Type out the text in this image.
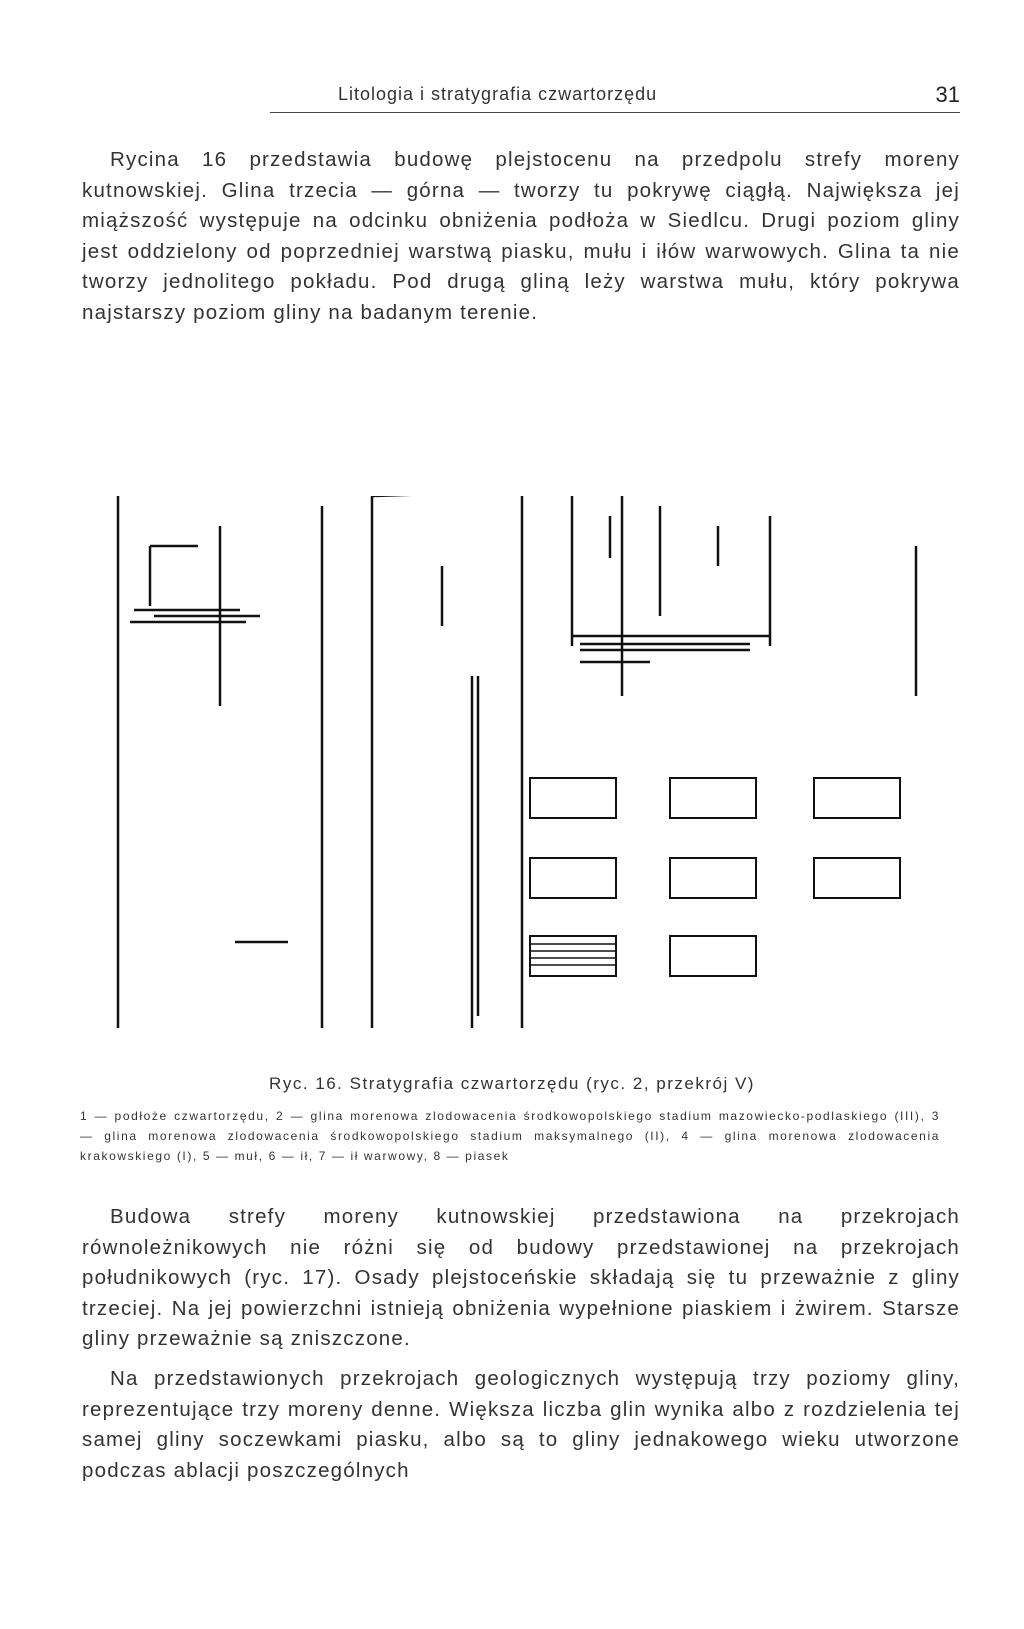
Litologia i stratygrafia czwartorzędu	31

Rycina 16 przedstawia budowę plejstocenu na przedpolu strefy moreny kutnowskiej. Glina trzecia — górna — tworzy tu pokrywę ciągłą. Największa jej miąższość występuje na odcinku obniżenia podłoża w Siedlcu. Drugi poziom gliny jest oddzielony od poprzedniej warstwą piasku, mułu i iłów warwowych. Glina ta nie tworzy jednolitego pokładu. Pod drugą gliną leży warstwa mułu, który pokrywa najstarszy poziom gliny na badanym terenie.

Ryc. 16. Stratygrafia czwartorzędu (ryc. 2, przekrój V)

1 — podłoże czwartorzędu, 2 — glina morenowa zlodowacenia środkowopolskiego stadium mazowiecko-podlaskiego (III), 3 — glina morenowa zlodowacenia środkowopolskiego stadium maksymalnego (II), 4 — glina morenowa zlodowacenia krakowskiego (I), 5 — muł, 6 — ił, 7 — ił warwowy, 8 — piasek

Budowa strefy moreny kutnowskiej przedstawiona na przekrojach równoleżnikowych nie różni się od budowy przedstawionej na przekrojach południkowych (ryc. 17). Osady plejstoceńskie składają się tu przeważnie z gliny trzeciej. Na jej powierzchni istnieją obniżenia wypełnione piaskiem i żwirem. Starsze gliny przeważnie są zniszczone.

Na przedstawionych przekrojach geologicznych występują trzy poziomy gliny, reprezentujące trzy moreny denne. Większa liczba glin wynika albo z rozdzielenia tej samej gliny soczewkami piasku, albo są to gliny jednakowego wieku utworzone podczas ablacji poszczególnych
